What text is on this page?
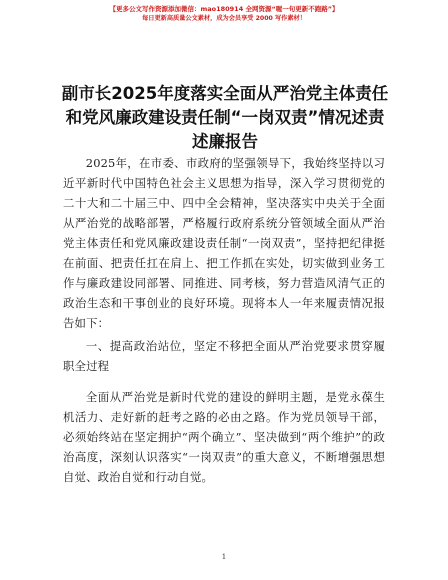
【更多公文写作资源添加微信：mao180914 全网资源“喔一句更新不跑路”】
每日更新高质量公文素材，成为会员享受 2000 写作素材！
副市长2025年度落实全面从严治党主体责任和党风廉政建设责任制“一岗双责”情况述责述廉报告

2025年，在市委、市政府的坚强领导下，我始终坚持以习近平新时代中国特色社会主义思想为指导，深入学习贯彻党的二十大和二十届三中、四中全会精神，坚决落实中央关于全面从严治党的战略部署，严格履行政府系统分管领域全面从严治党主体责任和党风廉政建设责任制“一岗双责”，坚持把纪律挺在前面、把责任扛在肩上、把工作抓在实处，切实做到业务工作与廉政建设同部署、同推进、同考核，努力营造风清气正的政治生态和干事创业的良好环境。现将本人一年来履责情况报告如下：

一、提高政治站位，坚定不移把全面从严治党要求贯穿履职全过程

全面从严治党是新时代党的建设的鲜明主题，是党永葆生机活力、走好新的赶考之路的必由之路。作为党员领导干部，必须始终站在坚定拥护“两个确立”、坚决做到“两个维护”的政治高度，深刻认识落实“一岗双责”的重大意义，不断增强思想自觉、政治自觉和行动自觉。

1
